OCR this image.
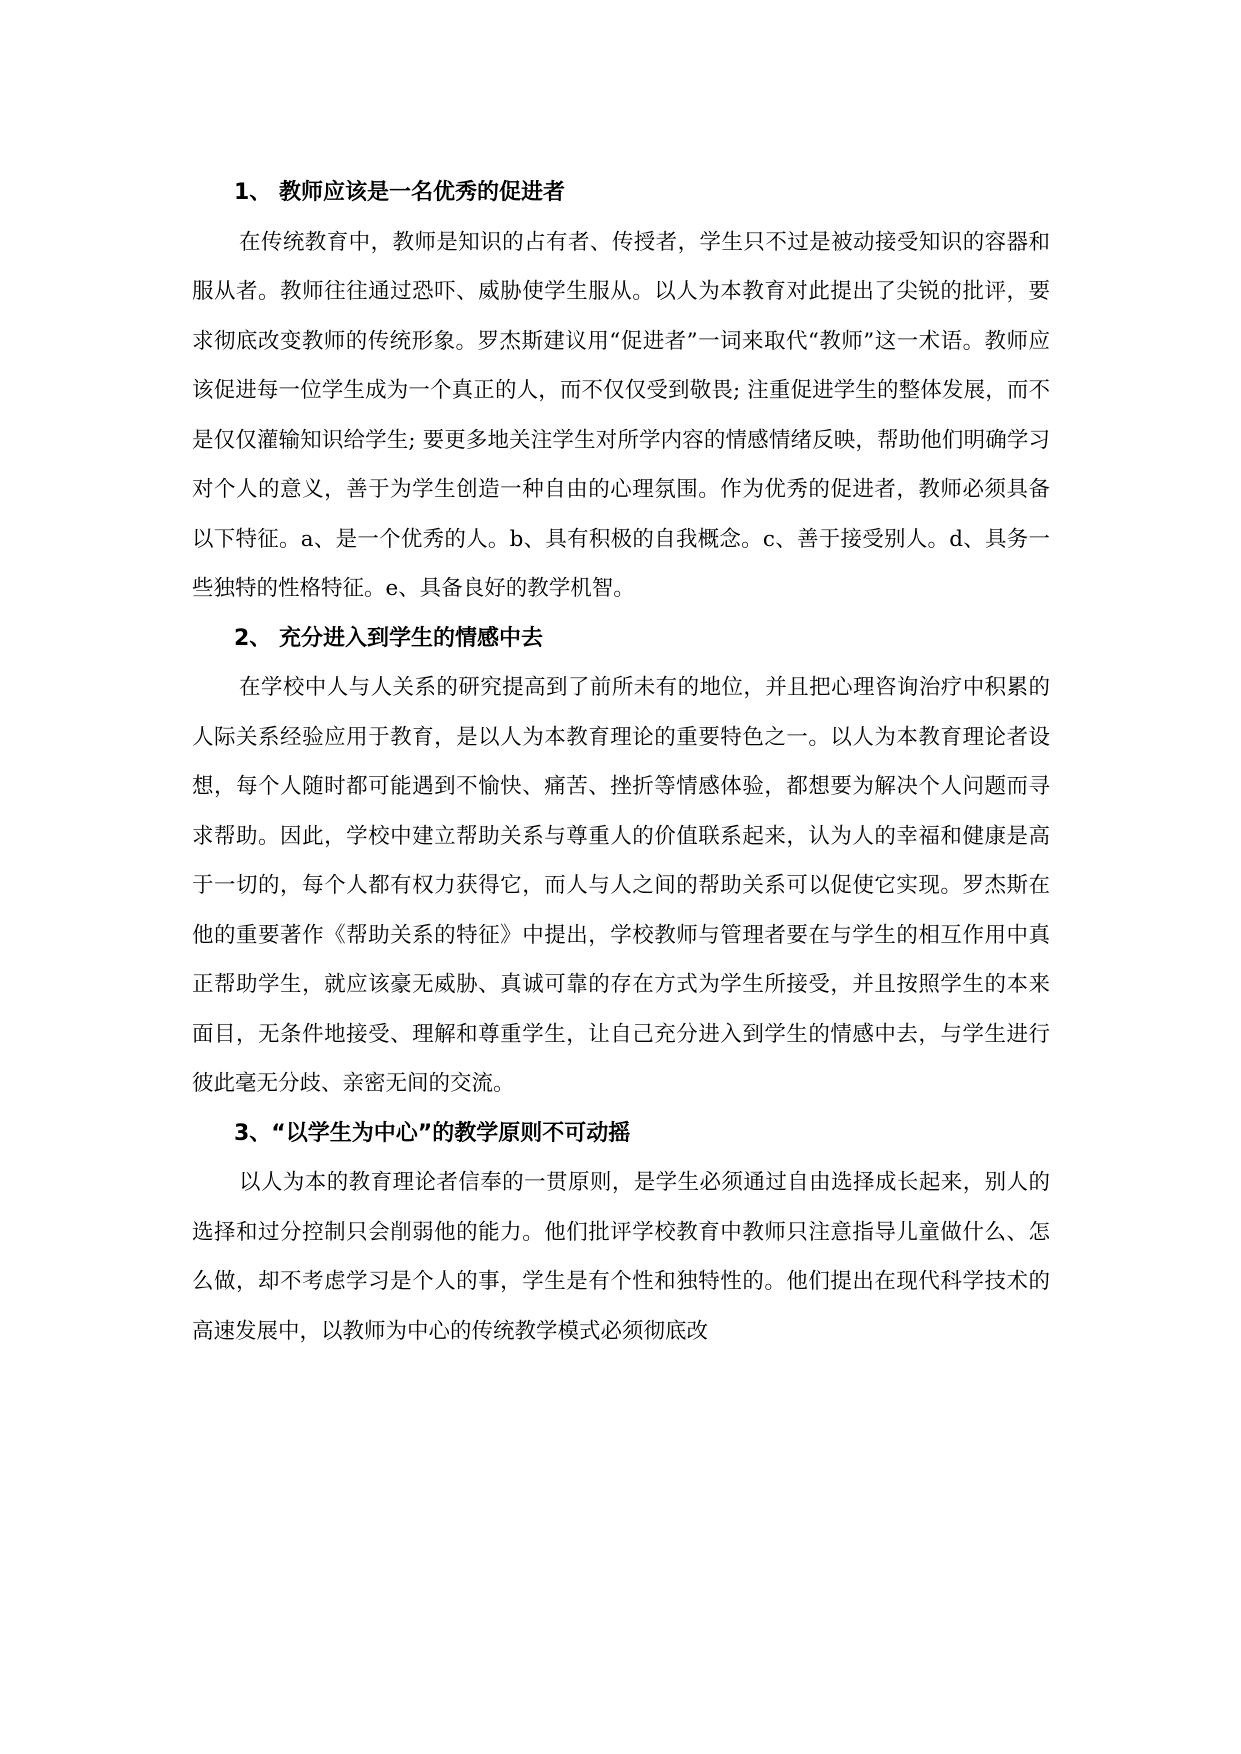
1、 教师应该是一名优秀的促进者

在传统教育中，教师是知识的占有者、传授者，学生只不过是被动接受知识的容器和服从者。教师往往通过恐吓、威胁使学生服从。以人为本教育对此提出了尖锐的批评，要求彻底改变教师的传统形象。罗杰斯建议用“促进者”一词来取代“教师”这一术语。教师应该促进每一位学生成为一个真正的人，而不仅仅受到敬畏; 注重促进学生的整体发展，而不是仅仅灌输知识给学生; 要更多地关注学生对所学内容的情感情绪反映，帮助他们明确学习对个人的意义，善于为学生创造一种自由的心理氛围。作为优秀的促进者，教师必须具备以下特征。a、是一个优秀的人。b、具有积极的自我概念。c、善于接受别人。d、具务一些独特的性格特征。e、具备良好的教学机智。

2、 充分进入到学生的情感中去

在学校中人与人关系的研究提高到了前所未有的地位，并且把心理咨询治疗中积累的人际关系经验应用于教育，是以人为本教育理论的重要特色之一。以人为本教育理论者设想，每个人随时都可能遇到不愉快、痛苦、挫折等情感体验，都想要为解决个人问题而寻求帮助。因此，学校中建立帮助关系与尊重人的价值联系起来，认为人的幸福和健康是高于一切的，每个人都有权力获得它，而人与人之间的帮助关系可以促使它实现。罗杰斯在他的重要著作《帮助关系的特征》中提出，学校教师与管理者要在与学生的相互作用中真正帮助学生，就应该豪无威胁、真诚可靠的存在方式为学生所接受，并且按照学生的本来面目，无条件地接受、理解和尊重学生，让自己充分进入到学生的情感中去，与学生进行彼此毫无分歧、亲密无间的交流。

3、“以学生为中心”的教学原则不可动摇

以人为本的教育理论者信奉的一贯原则，是学生必须通过自由选择成长起来，别人的选择和过分控制只会削弱他的能力。他们批评学校教育中教师只注意指导儿童做什么、怎么做，却不考虑学习是个人的事，学生是有个性和独特性的。他们提出在现代科学技术的高速发展中，以教师为中心的传统教学模式必须彻底改
